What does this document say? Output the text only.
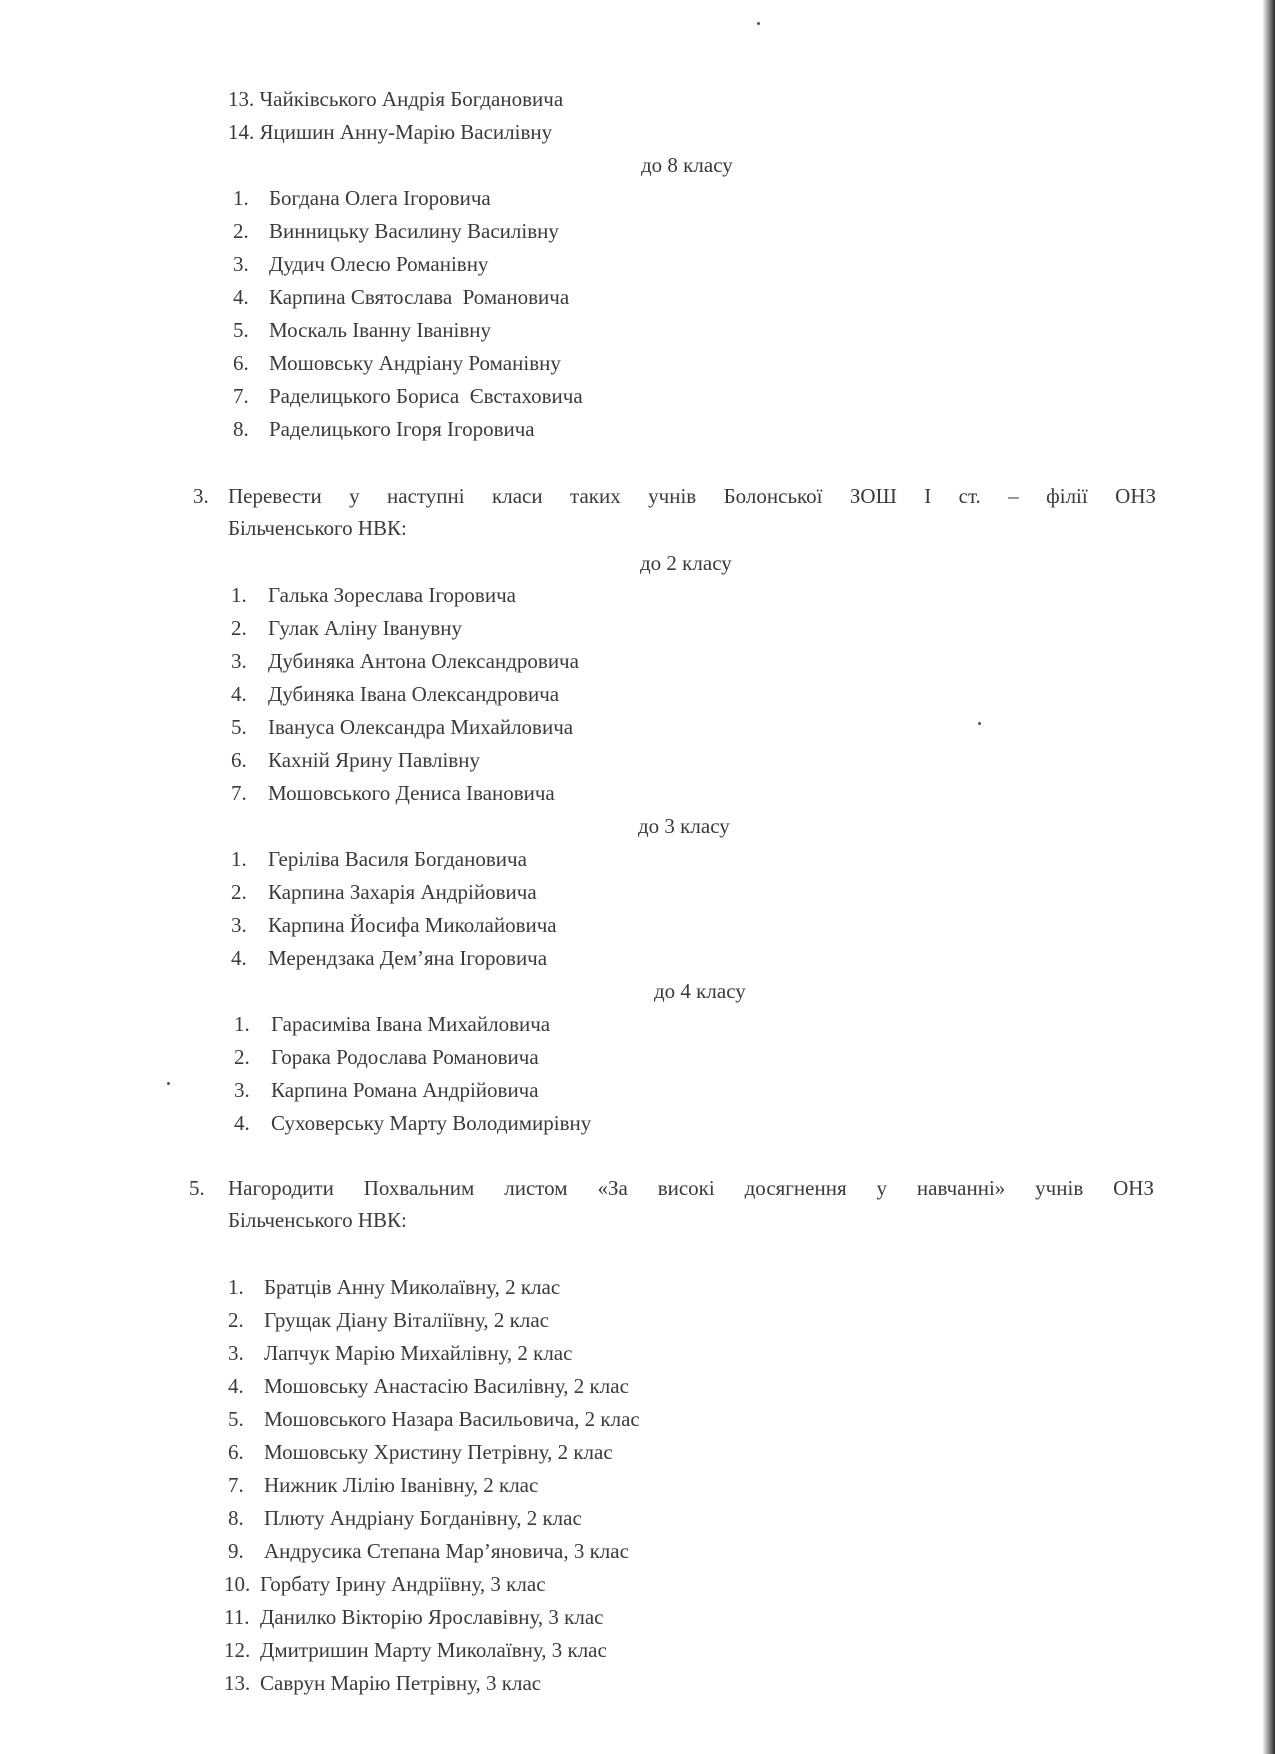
13. Чайківського Андрія Богдановича
14. Яцишин Анну-Марію Василівну
до 8 класу
1. Богдана Олега Ігоровича
2. Винницьку Василину Василівну
3. Дудич Олесю Романівну
4. Карпина Святослава  Романовича
5. Москаль Іванну Іванівну
6. Мошовську Андріану Романівну
7. Раделицького Бориса  Євстаховича
8. Раделицького Ігоря Ігоровича
3. Перевести у наступні класи таких учнів Болонської ЗОШ І ст. – філії ОНЗ
Більченського НВК:
до 2 класу
1. Галька Зореслава Ігоровича
2. Гулак Аліну Іванувну
3. Дубиняка Антона Олександровича
4. Дубиняка Івана Олександровича
5. Івануса Олександра Михайловича
6. Кахній Ярину Павлівну
7. Мошовського Дениса Івановича
до 3 класу
1. Геріліва Василя Богдановича
2. Карпина Захарія Андрійовича
3. Карпина Йосифа Миколайовича
4. Мерендзака Дем’яна Ігоровича
до 4 класу
1. Гарасиміва Івана Михайловича
2. Горака Родослава Романовича
3. Карпина Романа Андрійовича
4. Суховерську Марту Володимирівну
5. Нагородити Похвальним листом «За високі досягнення у навчанні» учнів ОНЗ
Більченського НВК:
1. Братців Анну Миколаївну, 2 клас
2. Грущак Діану Віталіївну, 2 клас
3. Лапчук Марію Михайлівну, 2 клас
4. Мошовську Анастасію Василівну, 2 клас
5. Мошовського Назара Васильовича, 2 клас
6. Мошовську Христину Петрівну, 2 клас
7. Нижник Лілію Іванівну, 2 клас
8. Плюту Андріану Богданівну, 2 клас
9. Андрусика Степана Мар’яновича, 3 клас
10. Горбату Ірину Андріївну, 3 клас
11. Данилко Вікторію Ярославівну, 3 клас
12. Дмитришин Марту Миколаївну, 3 клас
13. Саврун Марію Петрівну, 3 клас
